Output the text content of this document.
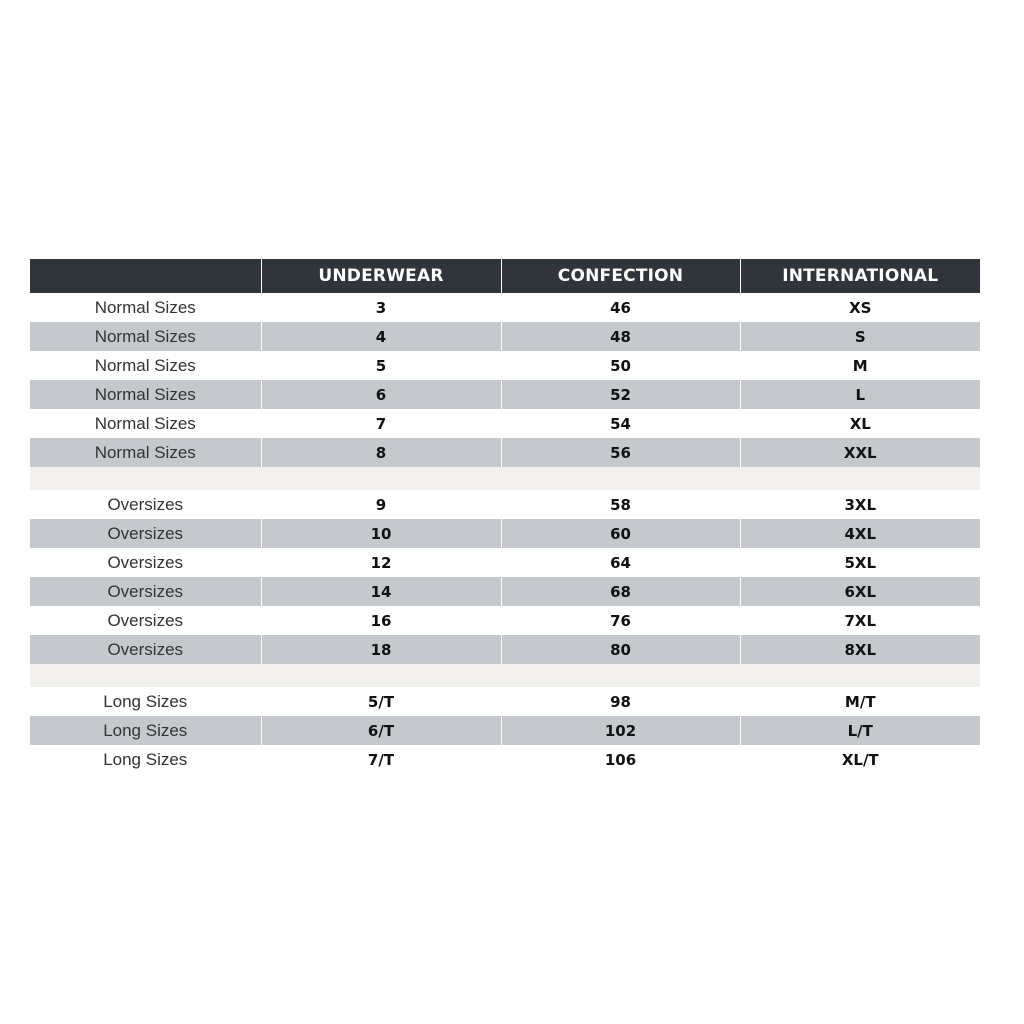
	UNDERWEAR	CONFECTION	INTERNATIONAL
Normal Sizes	3	46	XS
Normal Sizes	4	48	S
Normal Sizes	5	50	M
Normal Sizes	6	52	L
Normal Sizes	7	54	XL
Normal Sizes	8	56	XXL

Oversizes	9	58	3XL
Oversizes	10	60	4XL
Oversizes	12	64	5XL
Oversizes	14	68	6XL
Oversizes	16	76	7XL
Oversizes	18	80	8XL

Long Sizes	5/T	98	M/T
Long Sizes	6/T	102	L/T
Long Sizes	7/T	106	XL/T
